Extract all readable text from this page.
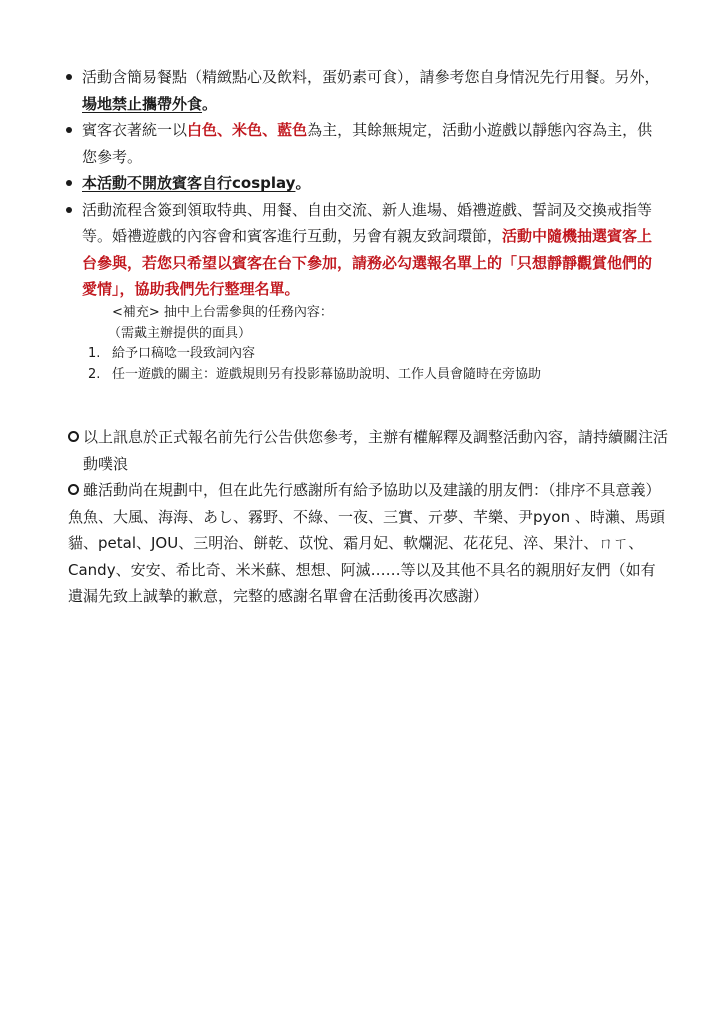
活動含簡易餐點（精緻點心及飲料，蛋奶素可食），請參考您自身情況先行用餐。另外，場地禁止攜帶外食。
賓客衣著統一以白色、米色、藍色為主，其餘無規定，活動小遊戲以靜態內容為主，供您參考。
本活動不開放賓客自行cosplay。
活動流程含簽到領取特典、用餐、自由交流、新人進場、婚禮遊戲、誓詞及交換戒指等等。婚禮遊戲的內容會和賓客進行互動，另會有親友致詞環節，活動中隨機抽選賓客上台參與，若您只希望以賓客在台下參加，請務必勾選報名單上的「只想靜靜觀賞他們的愛情」，協助我們先行整理名單。
<補充> 抽中上台需參與的任務內容：
（需戴主辦提供的面具）
1. 給予口稿唸一段致詞內容
2. 任一遊戲的關主：遊戲規則另有投影幕協助說明、工作人員會隨時在旁協助
以上訊息於正式報名前先行公告供您參考，主辦有權解釋及調整活動內容，請持續關注活動噗浪
雖活動尚在規劃中，但在此先行感謝所有給予協助以及建議的朋友們：（排序不具意義）
魚魚、大風、海海、あし、霧野、不綠、一夜、三實、亓夢、芊樂、尹pyon 、時瀨、馬頭貓、petal、JOU、三明治、餅乾、苡悅、霜月妃、軟爛泥、花花兒、淬、果汁、ㄇㄒ、Candy、安安、希比奇、米米蘇、想想、阿滅……等以及其他不具名的親朋好友們（如有遺漏先致上誠摯的歉意，完整的感謝名單會在活動後再次感謝）
